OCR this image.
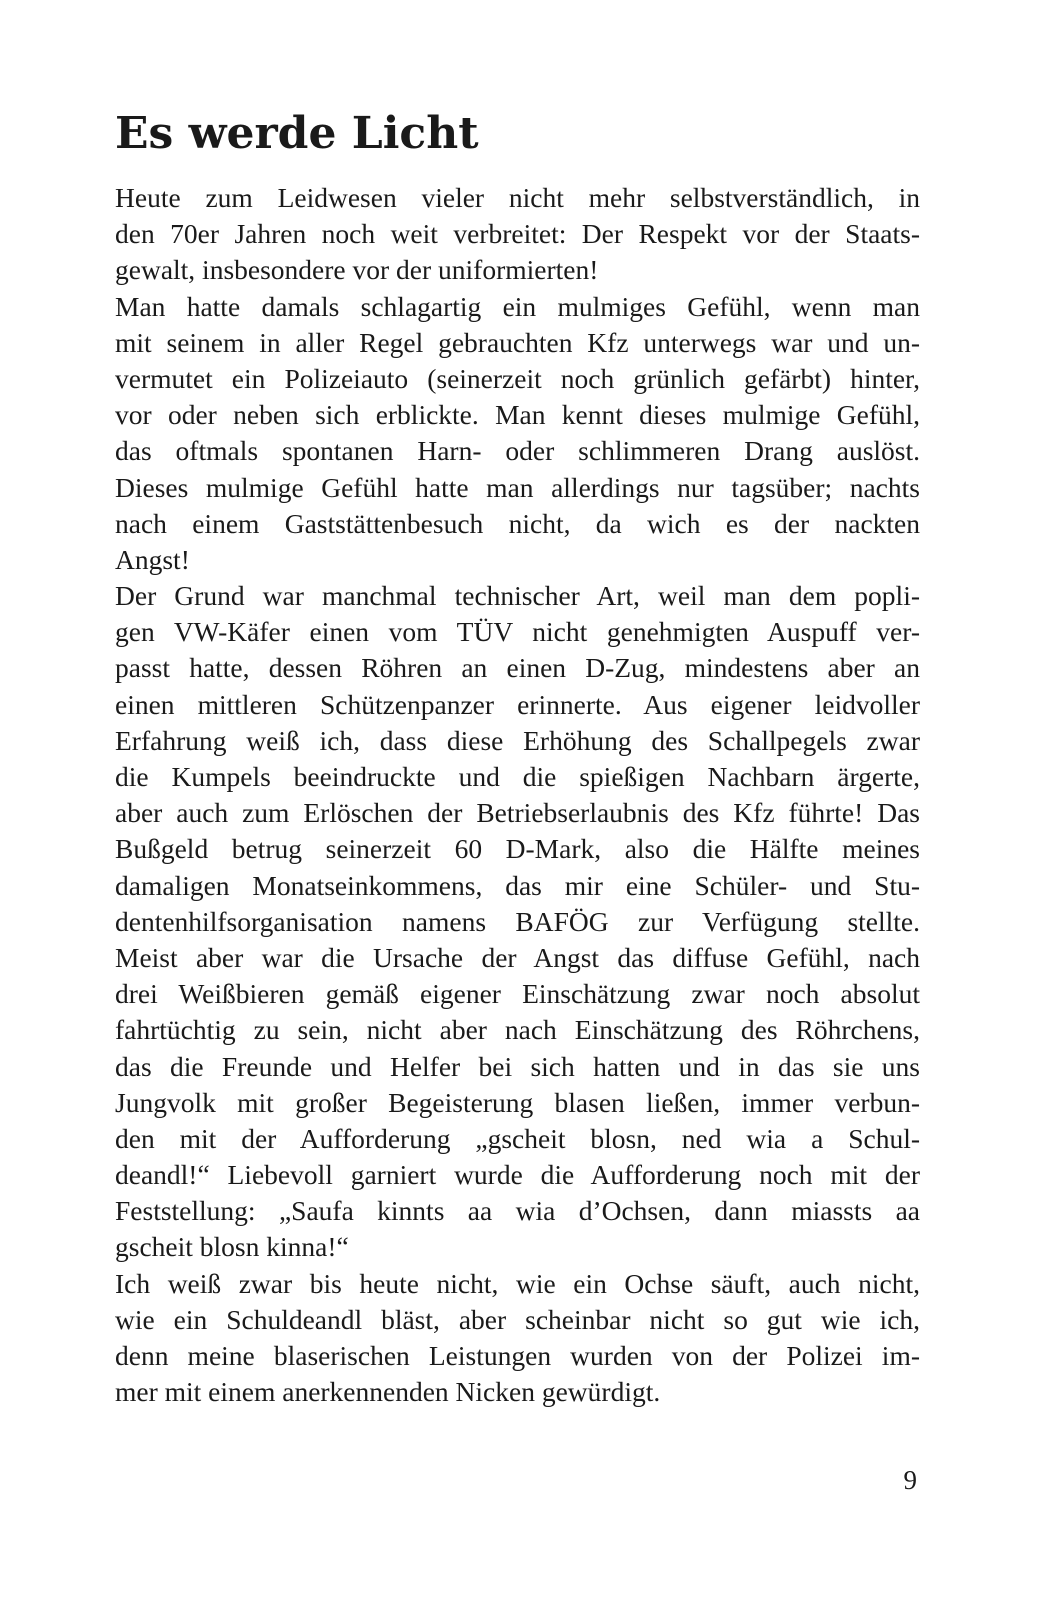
Es werde Licht
Heute zum Leidwesen vieler nicht mehr selbstverständlich, in
den 70er Jahren noch weit verbreitet: Der Respekt vor der Staats-
gewalt, insbesondere vor der uniformierten!
Man hatte damals schlagartig ein mulmiges Gefühl, wenn man
mit seinem in aller Regel gebrauchten Kfz unterwegs war und un-
vermutet ein Polizeiauto (seinerzeit noch grünlich gefärbt) hinter,
vor oder neben sich erblickte. Man kennt dieses mulmige Gefühl,
das oftmals spontanen Harn- oder schlimmeren Drang auslöst.
Dieses mulmige Gefühl hatte man allerdings nur tagsüber; nachts
nach einem Gaststättenbesuch nicht, da wich es der nackten
Angst!
Der Grund war manchmal technischer Art, weil man dem popli-
gen VW-Käfer einen vom TÜV nicht genehmigten Auspuff ver-
passt hatte, dessen Röhren an einen D-Zug, mindestens aber an
einen mittleren Schützenpanzer erinnerte. Aus eigener leidvoller
Erfahrung weiß ich, dass diese Erhöhung des Schallpegels zwar
die Kumpels beeindruckte und die spießigen Nachbarn ärgerte,
aber auch zum Erlöschen der Betriebserlaubnis des Kfz führte! Das
Bußgeld betrug seinerzeit 60 D-Mark, also die Hälfte meines
damaligen Monatseinkommens, das mir eine Schüler- und Stu-
dentenhilfsorganisation namens BAFÖG zur Verfügung stellte.
Meist aber war die Ursache der Angst das diffuse Gefühl, nach
drei Weißbieren gemäß eigener Einschätzung zwar noch absolut
fahrtüchtig zu sein, nicht aber nach Einschätzung des Röhrchens,
das die Freunde und Helfer bei sich hatten und in das sie uns
Jungvolk mit großer Begeisterung blasen ließen, immer verbun-
den mit der Aufforderung „gscheit blosn, ned wia a Schul-
deandl!“ Liebevoll garniert wurde die Aufforderung noch mit der
Feststellung: „Saufa kinnts aa wia d’Ochsen, dann miassts aa
gscheit blosn kinna!“
Ich weiß zwar bis heute nicht, wie ein Ochse säuft, auch nicht,
wie ein Schuldeandl bläst, aber scheinbar nicht so gut wie ich,
denn meine blaserischen Leistungen wurden von der Polizei im-
mer mit einem anerkennenden Nicken gewürdigt.
9
